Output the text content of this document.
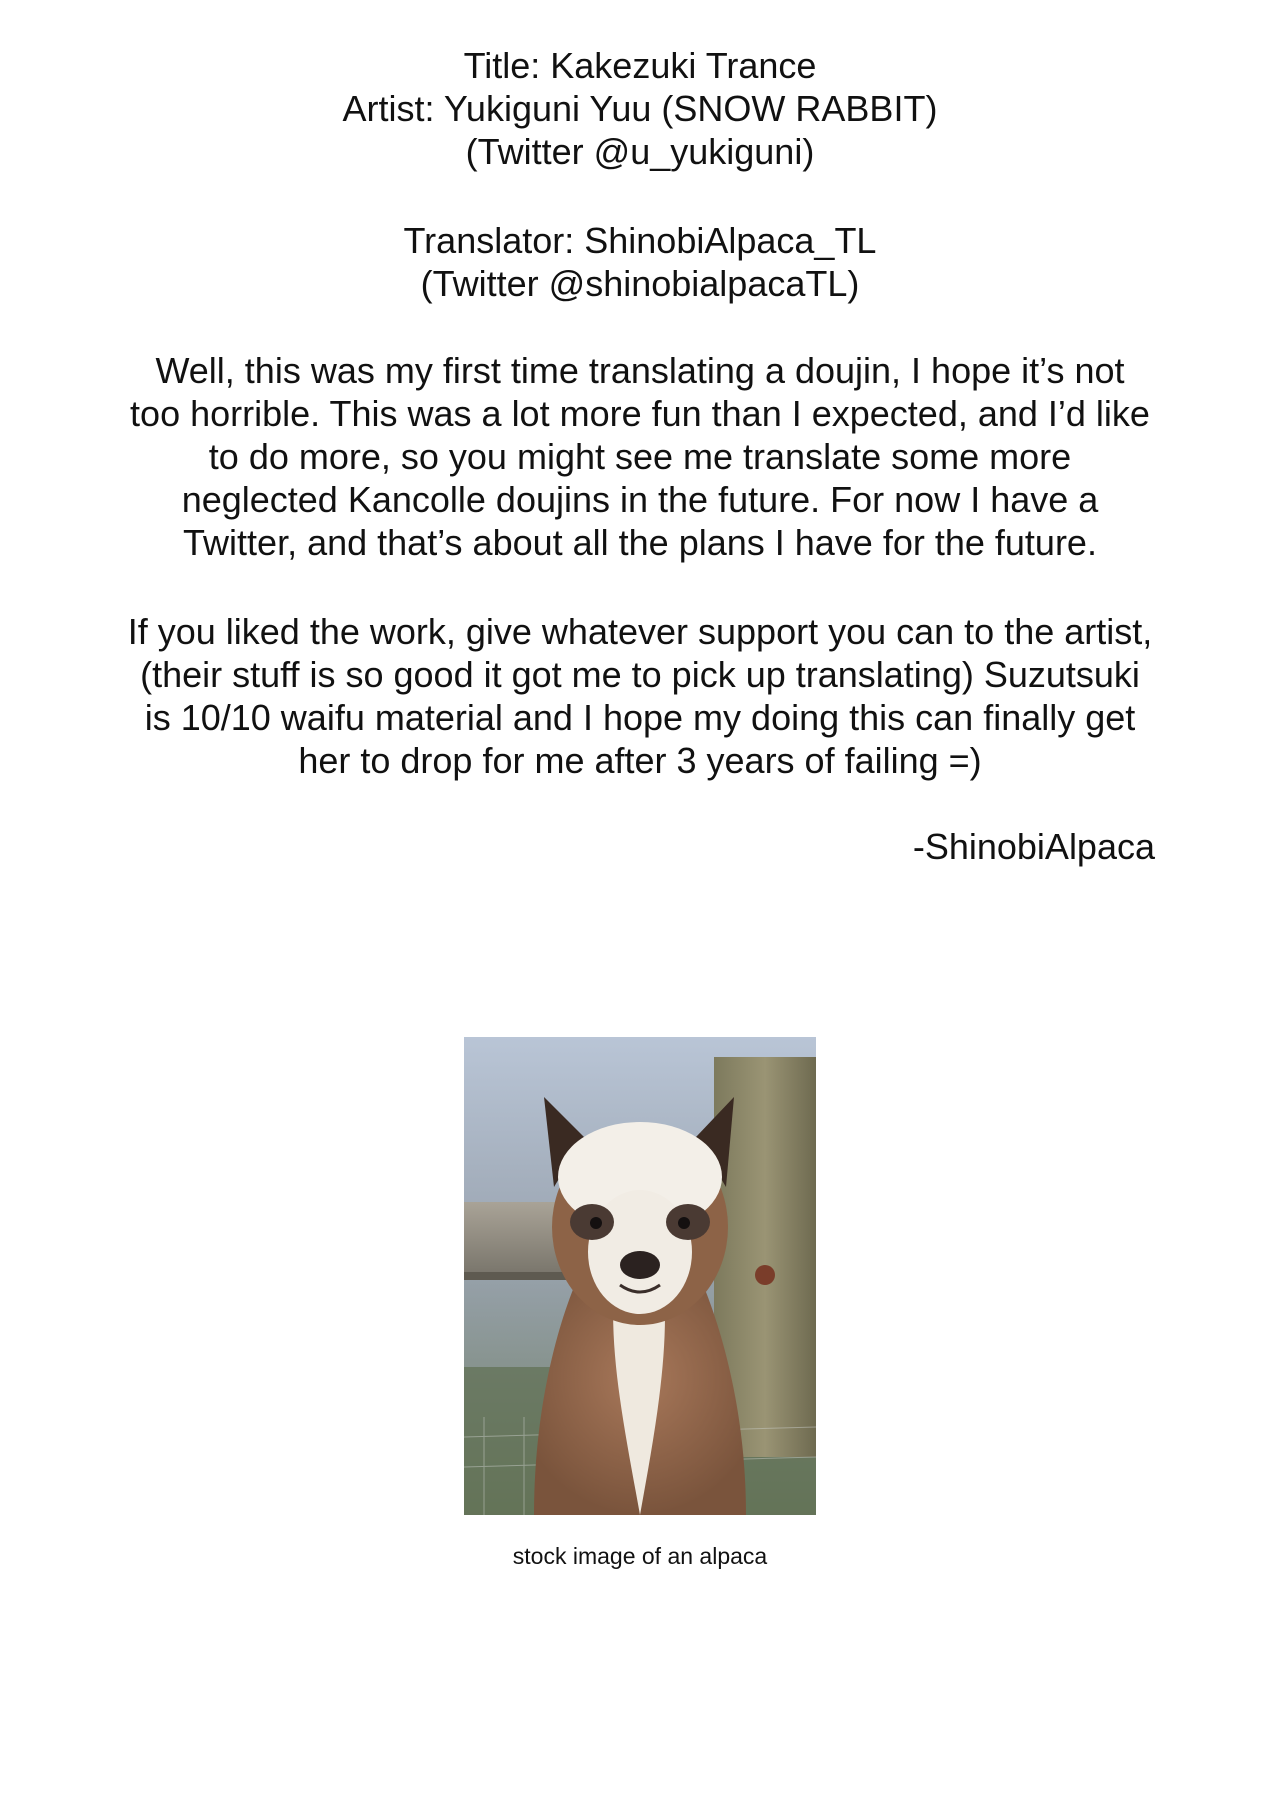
Title: Kakezuki Trance
Artist: Yukiguni Yuu (SNOW RABBIT)
(Twitter @u_yukiguni)
Translator: ShinobiAlpaca_TL
(Twitter @shinobialpacaTL)
Well, this was my first time translating a doujin, I hope it’s not
too horrible. This was a lot more fun than I expected, and I’d like
to do more, so you might see me translate some more
neglected Kancolle doujins in the future. For now I have a
Twitter, and that’s about all the plans I have for the future.
If you liked the work, give whatever support you can to the artist,
(their stuff is so good it got me to pick up translating) Suzutsuki
is 10/10 waifu material and I hope my doing this can finally get
her to drop for me after 3 years of failing =)
-ShinobiAlpaca
stock image of an alpaca
